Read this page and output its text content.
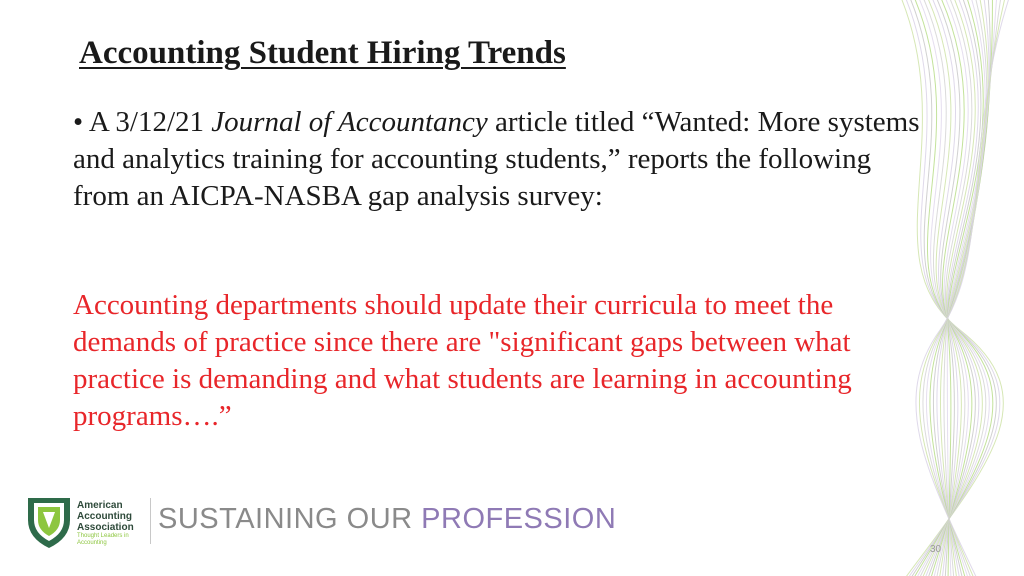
Accounting Student Hiring Trends
• A 3/12/21 Journal of Accountancy article titled “Wanted: More systems and analytics training for accounting students,” reports the following from an AICPA-NASBA gap analysis survey:
Accounting departments should update their curricula to meet the demands of practice since there are "significant gaps between what practice is demanding and what students are learning in accounting programs….”
American
Accounting
Association
Thought Leaders in
Accounting
SUSTAINING OUR PROFESSION
30
